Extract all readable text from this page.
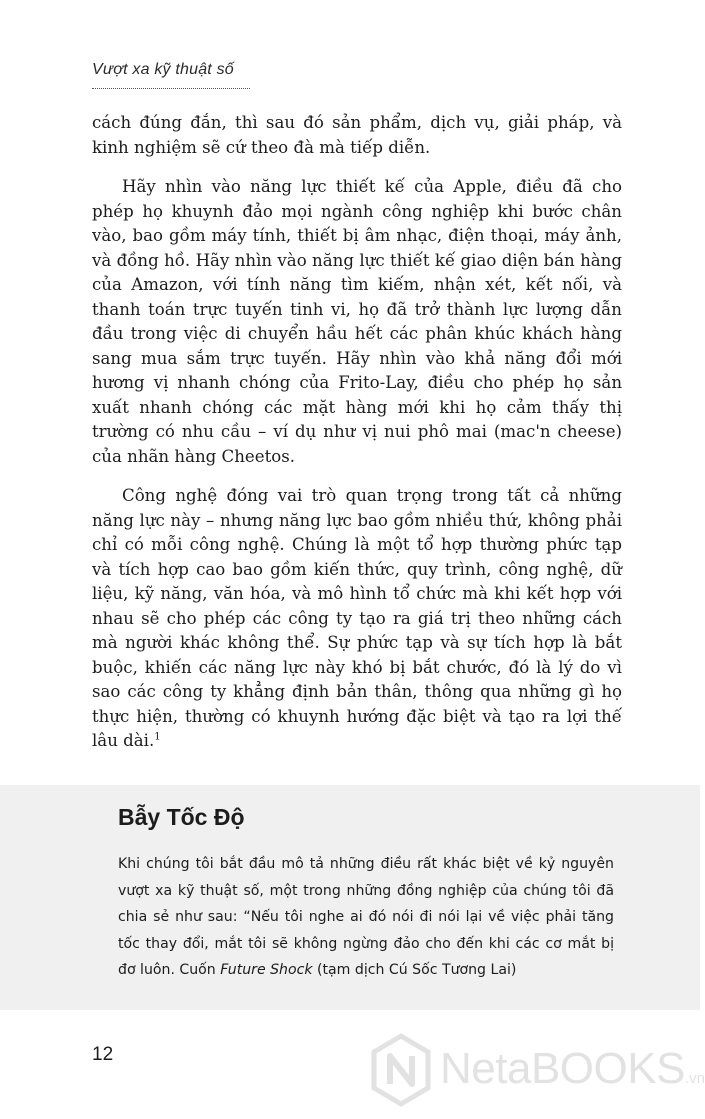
Vượt xa kỹ thuật số

cách đúng đắn, thì sau đó sản phẩm, dịch vụ, giải pháp, và kinh nghiệm sẽ cứ theo đà mà tiếp diễn.

Hãy nhìn vào năng lực thiết kế của Apple, điều đã cho phép họ khuynh đảo mọi ngành công nghiệp khi bước chân vào, bao gồm máy tính, thiết bị âm nhạc, điện thoại, máy ảnh, và đồng hồ. Hãy nhìn vào năng lực thiết kế giao diện bán hàng của Amazon, với tính năng tìm kiếm, nhận xét, kết nối, và thanh toán trực tuyến tinh vi, họ đã trở thành lực lượng dẫn đầu trong việc di chuyển hầu hết các phân khúc khách hàng sang mua sắm trực tuyến. Hãy nhìn vào khả năng đổi mới hương vị nhanh chóng của Frito-Lay, điều cho phép họ sản xuất nhanh chóng các mặt hàng mới khi họ cảm thấy thị trường có nhu cầu – ví dụ như vị nui phô mai (mac'n cheese) của nhãn hàng Cheetos.

Công nghệ đóng vai trò quan trọng trong tất cả những năng lực này – nhưng năng lực bao gồm nhiều thứ, không phải chỉ có mỗi công nghệ. Chúng là một tổ hợp thường phức tạp và tích hợp cao bao gồm kiến thức, quy trình, công nghệ, dữ liệu, kỹ năng, văn hóa, và mô hình tổ chức mà khi kết hợp với nhau sẽ cho phép các công ty tạo ra giá trị theo những cách mà người khác không thể. Sự phức tạp và sự tích hợp là bắt buộc, khiến các năng lực này khó bị bắt chước, đó là lý do vì sao các công ty khẳng định bản thân, thông qua những gì họ thực hiện, thường có khuynh hướng đặc biệt và tạo ra lợi thế lâu dài.$^1$

Bẫy Tốc Độ

Khi chúng tôi bắt đầu mô tả những điều rất khác biệt về kỷ nguyên vượt xa kỹ thuật số, một trong những đồng nghiệp của chúng tôi đã chia sẻ như sau: “Nếu tôi nghe ai đó nói đi nói lại về việc phải tăng tốc thay đổi, mắt tôi sẽ không ngừng đảo cho đến khi các cơ mắt bị đơ luôn. Cuốn Future Shock (tạm dịch Cú Sốc Tương Lai)

12	NetaBOOKS.vn
